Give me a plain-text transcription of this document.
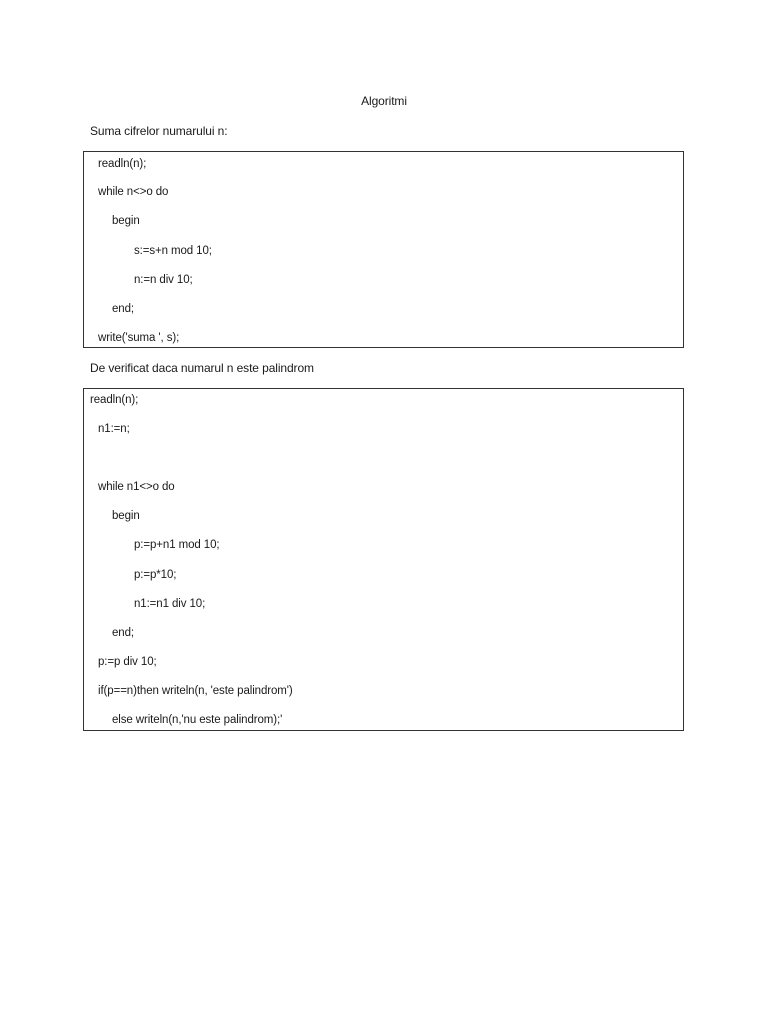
Algoritmi
Suma cifrelor numarului n:
readln(n);
while n<>o do
begin
s:=s+n mod 10;
n:=n div 10;
end;
write('suma ', s);
De verificat daca numarul n este palindrom
readln(n);
n1:=n;
while n1<>o do
begin
p:=p+n1 mod 10;
p:=p*10;
n1:=n1 div 10;
end;
p:=p div 10;
if(p==n)then writeln(n, 'este palindrom')
else writeln(n,'nu este palindrom);'
